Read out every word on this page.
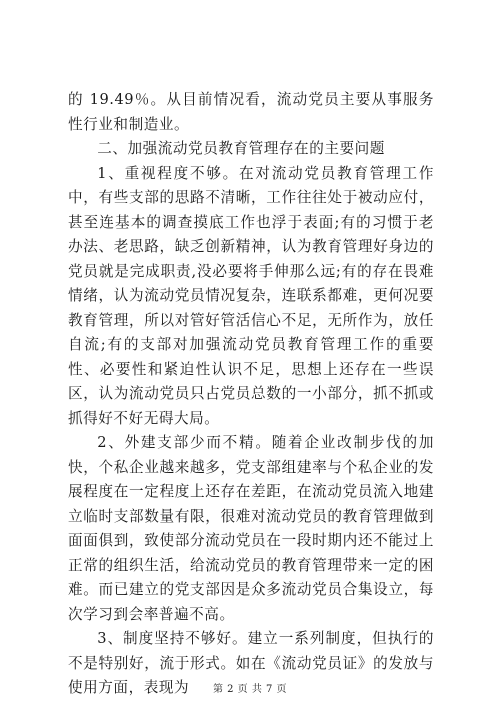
的 19.49％。从目前情况看，流动党员主要从事服务性行业和制造业。

二、加强流动党员教育管理存在的主要问题

1、重视程度不够。在对流动党员教育管理工作中，有些支部的思路不清晰，工作往往处于被动应付，甚至连基本的调查摸底工作也浮于表面;有的习惯于老办法、老思路，缺乏创新精神，认为教育管理好身边的党员就是完成职责,没必要将手伸那么远;有的存在畏难情绪，认为流动党员情况复杂，连联系都难，更何况要教育管理，所以对管好管活信心不足，无所作为，放任自流;有的支部对加强流动党员教育管理工作的重要性、必要性和紧迫性认识不足，思想上还存在一些误区，认为流动党员只占党员总数的一小部分，抓不抓或抓得好不好无碍大局。

2、外建支部少而不精。随着企业改制步伐的加快，个私企业越来越多，党支部组建率与个私企业的发展程度在一定程度上还存在差距，在流动党员流入地建立临时支部数量有限，很难对流动党员的教育管理做到面面俱到，致使部分流动党员在一段时期内还不能过上正常的组织生活，给流动党员的教育管理带来一定的困难。而已建立的党支部因是众多流动党员合集设立，每次学习到会率普遍不高。

3、制度坚持不够好。建立一系列制度，但执行的不是特别好，流于形式。如在《流动党员证》的发放与使用方面，表现为	第 2 页 共 7 页
